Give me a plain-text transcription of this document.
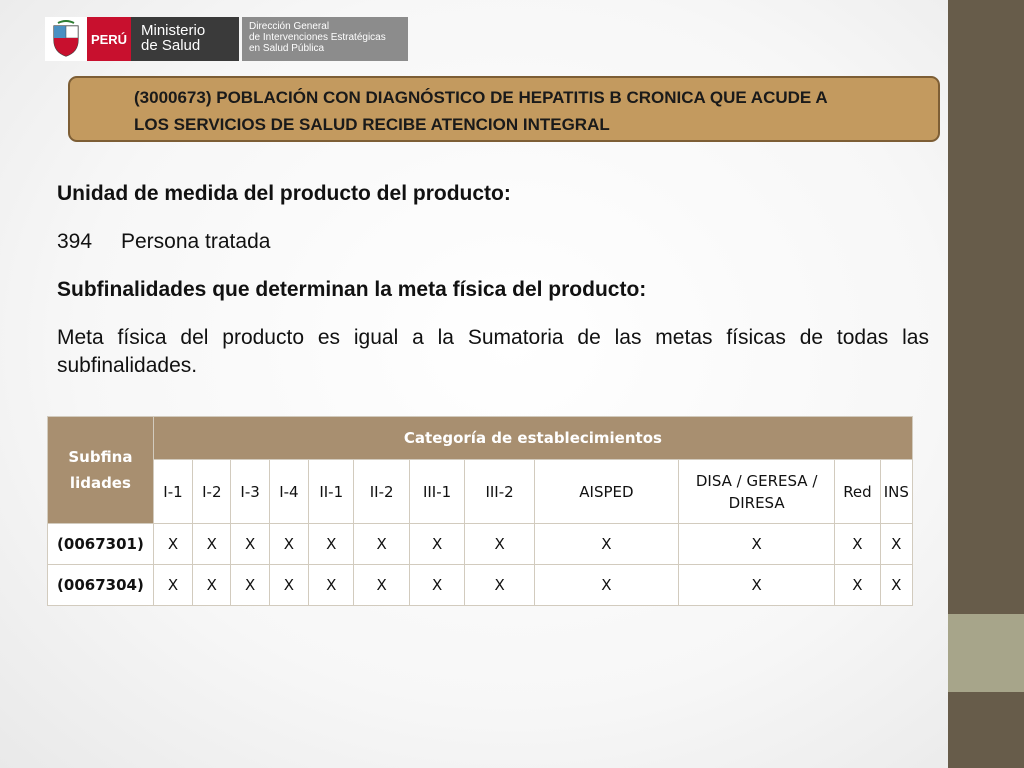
PERÚ Ministerio
de Salud
Dirección General
de Intervenciones Estratégicas
en Salud Pública
(3000673) POBLACIÓN CON DIAGNÓSTICO DE HEPATITIS B CRONICA QUE ACUDE A
LOS SERVICIOS DE SALUD RECIBE ATENCION INTEGRAL
Unidad de medida del producto del producto:
394 Persona tratada
Subfinalidades que determinan la meta física del producto:
Meta física del producto es igual a la Sumatoria de las metas físicas de todas las subfinalidades.
Subfina
lidades	Categoría de establecimientos											
	I-1	I-2	I-3	I-4	II-1	II-2	III-1	III-2	AISPED	DISA / GERESA / DIRESA	Red	INS
(0067301)	X	X	X	X	X	X	X	X	X	X	X	X
(0067304)	X	X	X	X	X	X	X	X	X	X	X	X
